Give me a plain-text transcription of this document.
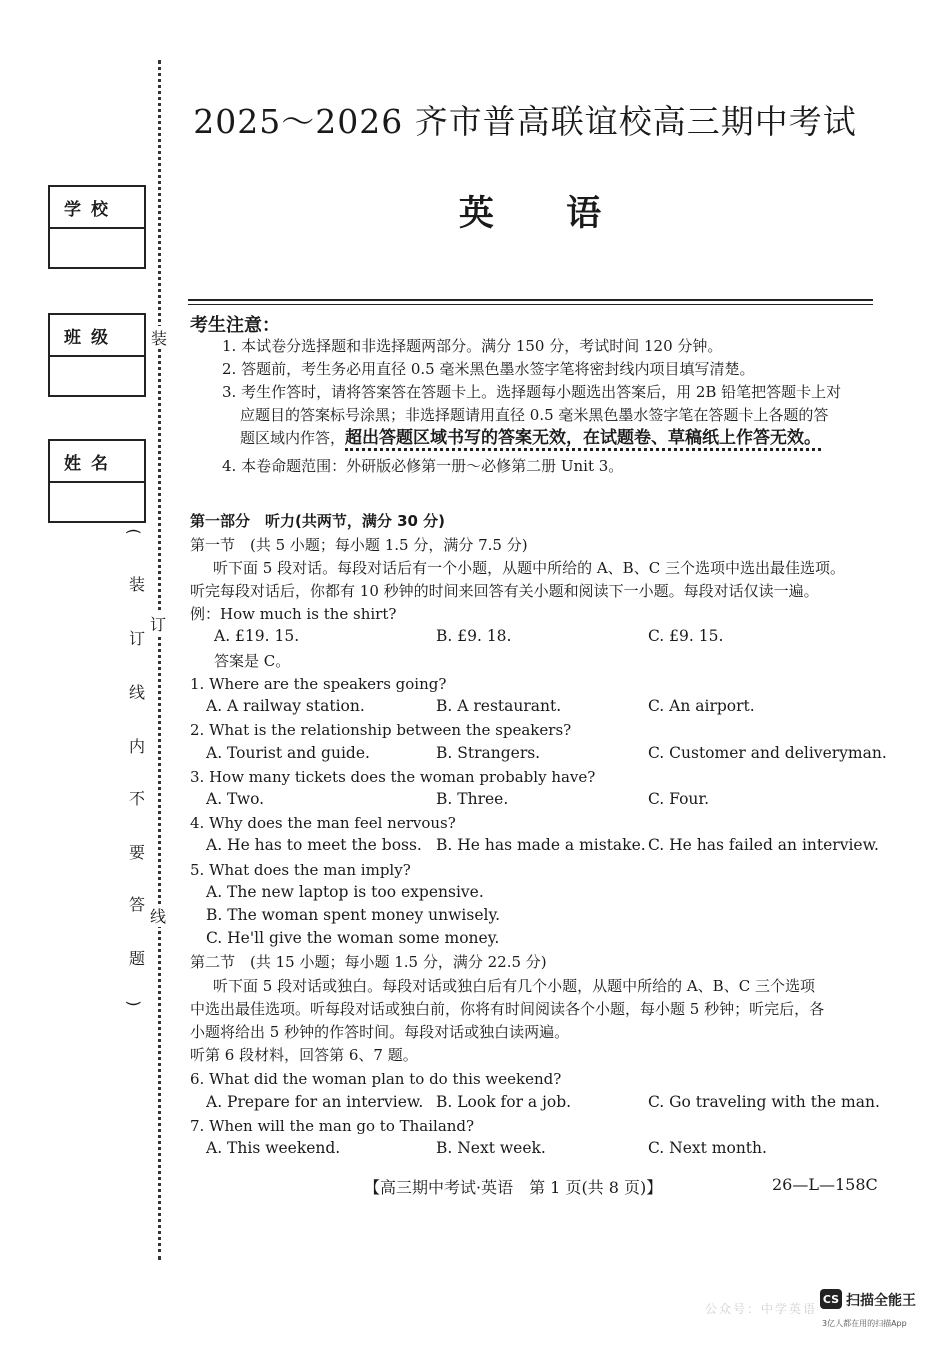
学校
班级
姓名
装
订
线
(
装
订
线
内
不
要
答
题
)
2025～2026 齐市普高联谊校高三期中考试
英 语
考生注意：
1. 本试卷分选择题和非选择题两部分。满分 150 分，考试时间 120 分钟。
2. 答题前，考生务必用直径 0.5 毫米黑色墨水签字笔将密封线内项目填写清楚。
3. 考生作答时，请将答案答在答题卡上。选择题每小题选出答案后，用 2B 铅笔把答题卡上对
应题目的答案标号涂黑；非选择题请用直径 0.5 毫米黑色墨水签字笔在答题卡上各题的答
题区域内作答，超出答题区域书写的答案无效，在试题卷、草稿纸上作答无效。
4. 本卷命题范围：外研版必修第一册～必修第二册 Unit 3。
第一部分　听力(共两节，满分 30 分)
第一节　(共 5 小题；每小题 1.5 分，满分 7.5 分)
听下面 5 段对话。每段对话后有一个小题，从题中所给的 A、B、C 三个选项中选出最佳选项。
听完每段对话后，你都有 10 秒钟的时间来回答有关小题和阅读下一小题。每段对话仅读一遍。
例：How much is the shirt?
A. £19. 15.	B. £9. 18.	C. £9. 15.
答案是 C。
1. Where are the speakers going?
A. A railway station.	B. A restaurant.	C. An airport.
2. What is the relationship between the speakers?
A. Tourist and guide.	B. Strangers.	C. Customer and deliveryman.
3. How many tickets does the woman probably have?
A. Two.	B. Three.	C. Four.
4. Why does the man feel nervous?
A. He has to meet the boss. B. He has made a mistake. C. He has failed an interview.
5. What does the man imply?
A. The new laptop is too expensive.
B. The woman spent money unwisely.
C. He'll give the woman some money.
第二节　(共 15 小题；每小题 1.5 分，满分 22.5 分)
听下面 5 段对话或独白。每段对话或独白后有几个小题，从题中所给的 A、B、C 三个选项
中选出最佳选项。听每段对话或独白前，你将有时间阅读各个小题，每小题 5 秒钟；听完后，各
小题将给出 5 秒钟的作答时间。每段对话或独白读两遍。
听第 6 段材料，回答第 6、7 题。
6. What did the woman plan to do this weekend?
A. Prepare for an interview. B. Look for a job.	C. Go traveling with the man.
7. When will the man go to Thailand?
A. This weekend.	B. Next week.	C. Next month.
【高三期中考试·英语　第 1 页(共 8 页)】	26—L—158C
公众号：中学英语
CS 扫描全能王
3亿人都在用的扫描App
